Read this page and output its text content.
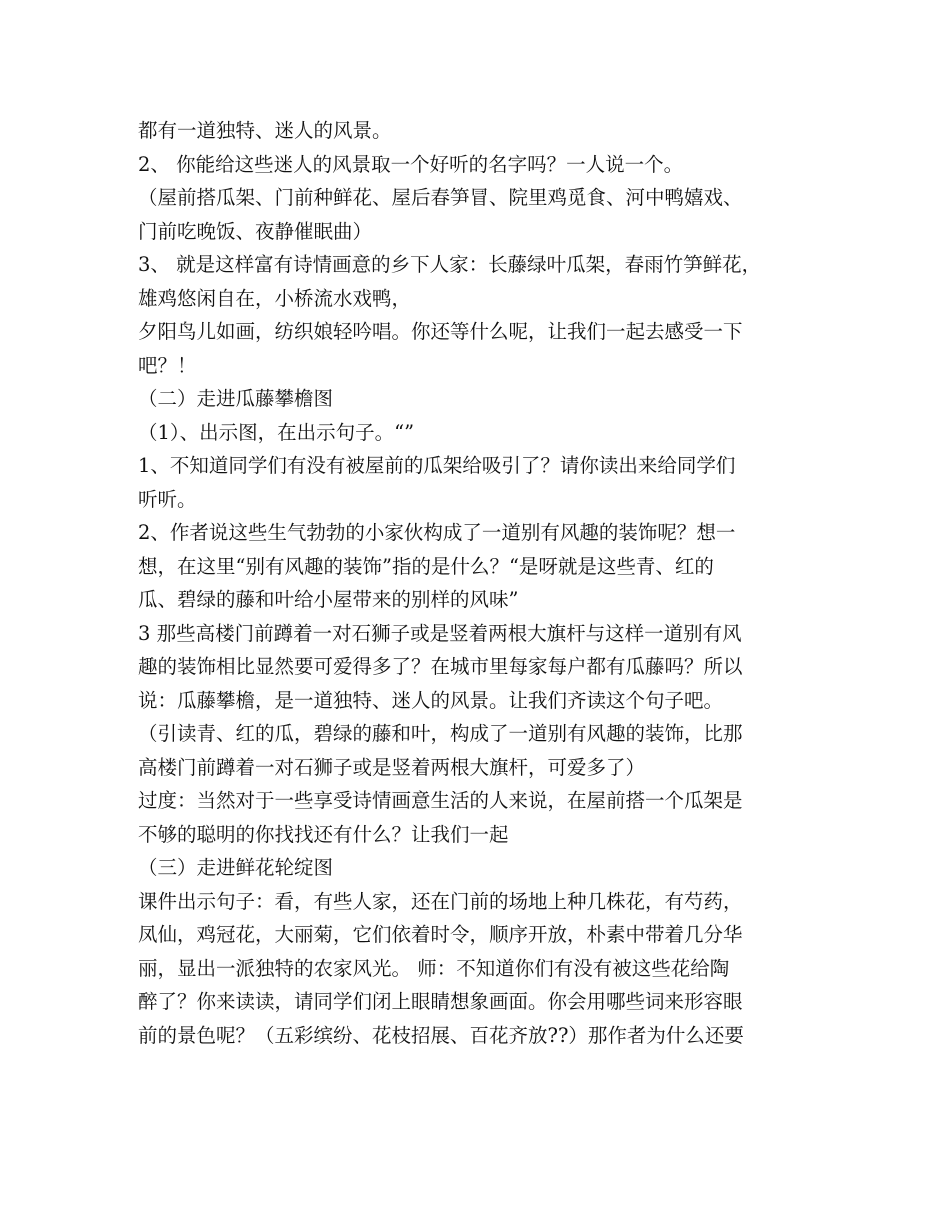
都有一道独特、迷人的风景。
2、 你能给这些迷人的风景取一个好听的名字吗？一人说一个。
（屋前搭瓜架、门前种鲜花、屋后春笋冒、院里鸡觅食、河中鸭嬉戏、
门前吃晚饭、夜静催眠曲）
3、 就是这样富有诗情画意的乡下人家：长藤绿叶瓜架，春雨竹笋鲜花，
雄鸡悠闲自在，小桥流水戏鸭，
夕阳鸟儿如画，纺织娘轻吟唱。你还等什么呢，让我们一起去感受一下
吧？！
（二）走进瓜藤攀檐图
（1）、出示图，在出示句子。“”
1、不知道同学们有没有被屋前的瓜架给吸引了？请你读出来给同学们
听听。
2、作者说这些生气勃勃的小家伙构成了一道别有风趣的装饰呢？想一
想，在这里“别有风趣的装饰”指的是什么？“是呀就是这些青、红的
瓜、碧绿的藤和叶给小屋带来的别样的风味”
3 那些高楼门前蹲着一对石狮子或是竖着两根大旗杆与这样一道别有风
趣的装饰相比显然要可爱得多了？在城市里每家每户都有瓜藤吗？所以
说：瓜藤攀檐，是一道独特、迷人的风景。让我们齐读这个句子吧。
（引读青、红的瓜，碧绿的藤和叶，构成了一道别有风趣的装饰，比那
高楼门前蹲着一对石狮子或是竖着两根大旗杆，可爱多了）
过度：当然对于一些享受诗情画意生活的人来说，在屋前搭一个瓜架是
不够的聪明的你找找还有什么？让我们一起
（三）走进鲜花轮绽图
课件出示句子：看，有些人家，还在门前的场地上种几株花，有芍药，
凤仙，鸡冠花，大丽菊，它们依着时令，顺序开放，朴素中带着几分华
丽，显出一派独特的农家风光。 师：不知道你们有没有被这些花给陶
醉了？你来读读，请同学们闭上眼睛想象画面。你会用哪些词来形容眼
前的景色呢？（五彩缤纷、花枝招展、百花齐放??）那作者为什么还要
